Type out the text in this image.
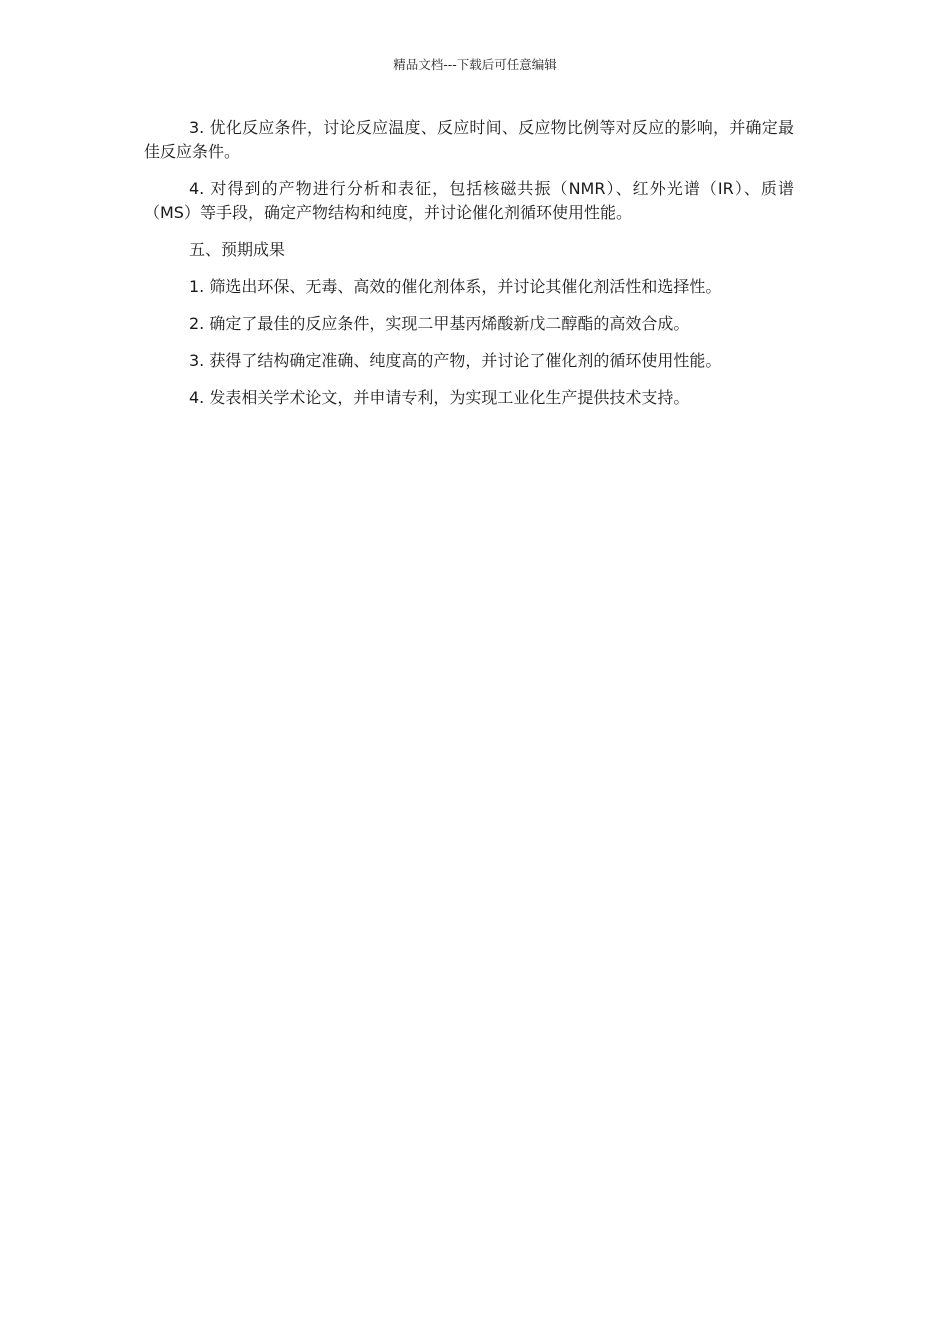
精品文档---下载后可任意编辑

3. 优化反应条件，讨论反应温度、反应时间、反应物比例等对反应的影响，并确定最佳反应条件。

4. 对得到的产物进行分析和表征，包括核磁共振（NMR）、红外光谱（IR）、质谱（MS）等手段，确定产物结构和纯度，并讨论催化剂循环使用性能。

五、预期成果

1. 筛选出环保、无毒、高效的催化剂体系，并讨论其催化剂活性和选择性。

2. 确定了最佳的反应条件，实现二甲基丙烯酸新戊二醇酯的高效合成。

3. 获得了结构确定准确、纯度高的产物，并讨论了催化剂的循环使用性能。

4. 发表相关学术论文，并申请专利，为实现工业化生产提供技术支持。
